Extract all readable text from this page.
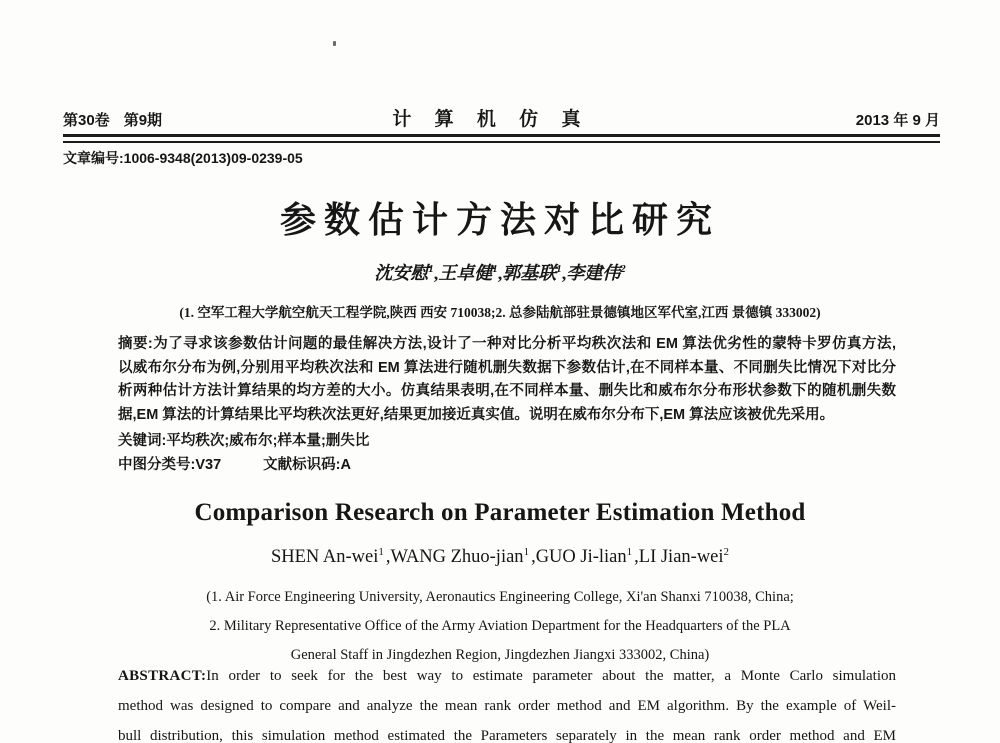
第30卷 第9期	计 算 机 仿 真	2013 年 9 月
文章编号:1006-9348(2013)09-0239-05
参数估计方法对比研究
沈安慰$^1$,王卓健$^1$,郭基联$^1$,李建伟$^2$
(1. 空军工程大学航空航天工程学院,陕西 西安 710038;2. 总参陆航部驻景德镇地区军代室,江西 景德镇 333002)
摘要:为了寻求该参数估计问题的最佳解决方法,设计了一种对比分析平均秩次法和 EM 算法优劣性的蒙特卡罗仿真方法,
以威布尔分布为例,分别用平均秩次法和 EM 算法进行随机删失数据下参数估计,在不同样本量、不同删失比情况下对比分
析两种估计方法计算结果的均方差的大小。仿真结果表明,在不同样本量、删失比和威布尔分布形状参数下的随机删失数
据,EM 算法的计算结果比平均秩次法更好,结果更加接近真实值。说明在威布尔分布下,EM 算法应该被优先采用。
关键词:平均秩次;威布尔;样本量;删失比
中图分类号:V37	文献标识码:A
Comparison Research on Parameter Estimation Method
SHEN An-wei$^1$ ,WANG Zhuo-jian$^1$ ,GUO Ji-lian$^1$ ,LI Jian-wei$^2$
(1. Air Force Engineering University, Aeronautics Engineering College, Xi'an Shanxi 710038, China;
2. Military Representative Office of the Army Aviation Department for the Headquarters of the PLA
General Staff in Jingdezhen Region, Jingdezhen Jiangxi 333002, China)
ABSTRACT:In order to seek for the best way to estimate parameter about the matter, a Monte Carlo simulation
method was designed to compare and analyze the mean rank order method and EM algorithm. By the example of Weil-
bull distribution, this simulation method estimated the Parameters separately in the mean rank order method and EM
